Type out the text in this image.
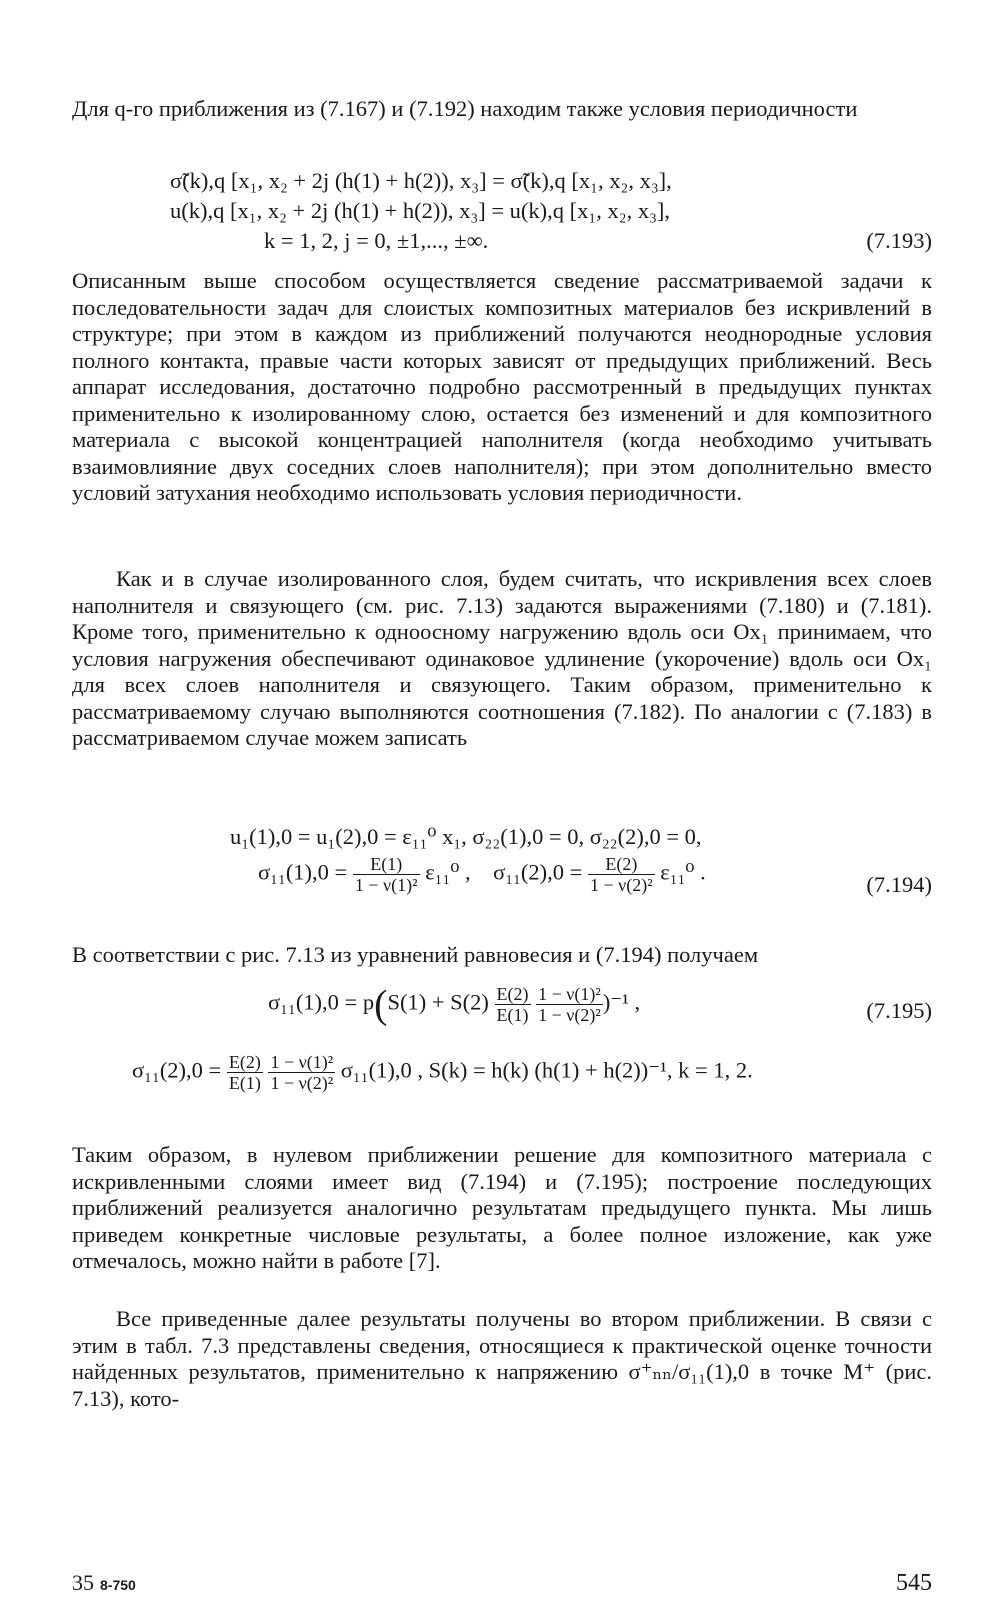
Для q-го приближения из (7.167) и (7.192) находим также условия периодичности

σ̃(k),q [x₁, x₂ + 2j (h(1) + h(2)), x₃] = σ̃(k),q [x₁, x₂, x₃],
u(k),q [x₁, x₂ + 2j (h(1) + h(2)), x₃] = u(k),q [x₁, x₂, x₃],
k = 1, 2, j = 0, ±1,..., ±∞.	(7.193)

Описанным выше способом осуществляется сведение рассматриваемой задачи к последовательности задач для слоистых композитных материалов без искривлений в структуре; при этом в каждом из приближений получаются неоднородные условия полного контакта, правые части которых зависят от предыдущих приближений. Весь аппарат исследования, достаточно подробно рассмотренный в предыдущих пунктах применительно к изолированному слою, остается без изменений и для композитного материала с высокой концентрацией наполнителя (когда необходимо учитывать взаимовлияние двух соседних слоев наполнителя); при этом дополнительно вместо условий затухания необходимо использовать условия периодичности.

Как и в случае изолированного слоя, будем считать, что искривления всех слоев наполнителя и связующего (см. рис. 7.13) задаются выражениями (7.180) и (7.181). Кроме того, применительно к одноосному нагружению вдоль оси Ox₁ принимаем, что условия нагружения обеспечивают одинаковое удлинение (укорочение) вдоль оси Ox₁ для всех слоев наполнителя и связующего. Таким образом, применительно к рассматриваемому случаю выполняются соотношения (7.182). По аналогии с (7.183) в рассматриваемом случае можем записать

u₁(1),0 = u₁(2),0 = ε₁₁⁰ x₁, σ₂₂(1),0 = 0, σ₂₂(2),0 = 0,
$\sigma_{11}(1),0 = \frac{E(1)}{\text{1 − ν(1)²}} \varepsilon_{11}^0$ , $\sigma_{11}(2),0 = \frac{E(2)}{\text{1 − ν(2)²}} \varepsilon_{11}^0$ .	(7.194)

В соответствии с рис. 7.13 из уравнений равновесия и (7.194) получаем

$\sigma_{11}(1),0 = p(S(1) + S(2) \frac{E(2)}{E(1)}$
$\frac{\text{1 − ν(1)²}}{\text{1 − ν(2)²}} )^{-1}$ ,	(7.195)
$\sigma_{11}(2),0 = \frac{E(2)}{E(1)}$
$\frac{\text{1 − ν(1)²}}{\text{1 − ν(2)²}} \sigma_{11}(1),0$ , S(k) = h(k) (h(1) + h(2))⁻¹, k = 1, 2.

Таким образом, в нулевом приближении решение для композитного материала с искривленными слоями имеет вид (7.194) и (7.195); построение последующих приближений реализуется аналогично результатам предыдущего пункта. Мы лишь приведем конкретные числовые результаты, а более полное изложение, как уже отмечалось, можно найти в работе [7].

Все приведенные далее результаты получены во втором приближении. В связи с этим в табл. 7.3 представлены сведения, относящиеся к практической оценке точности найденных результатов, применительно к напряжению σ⁺ₙₙ/σ₁₁(1),0 в точке M⁺ (рис. 7.13), кото-

35 8-750	545
